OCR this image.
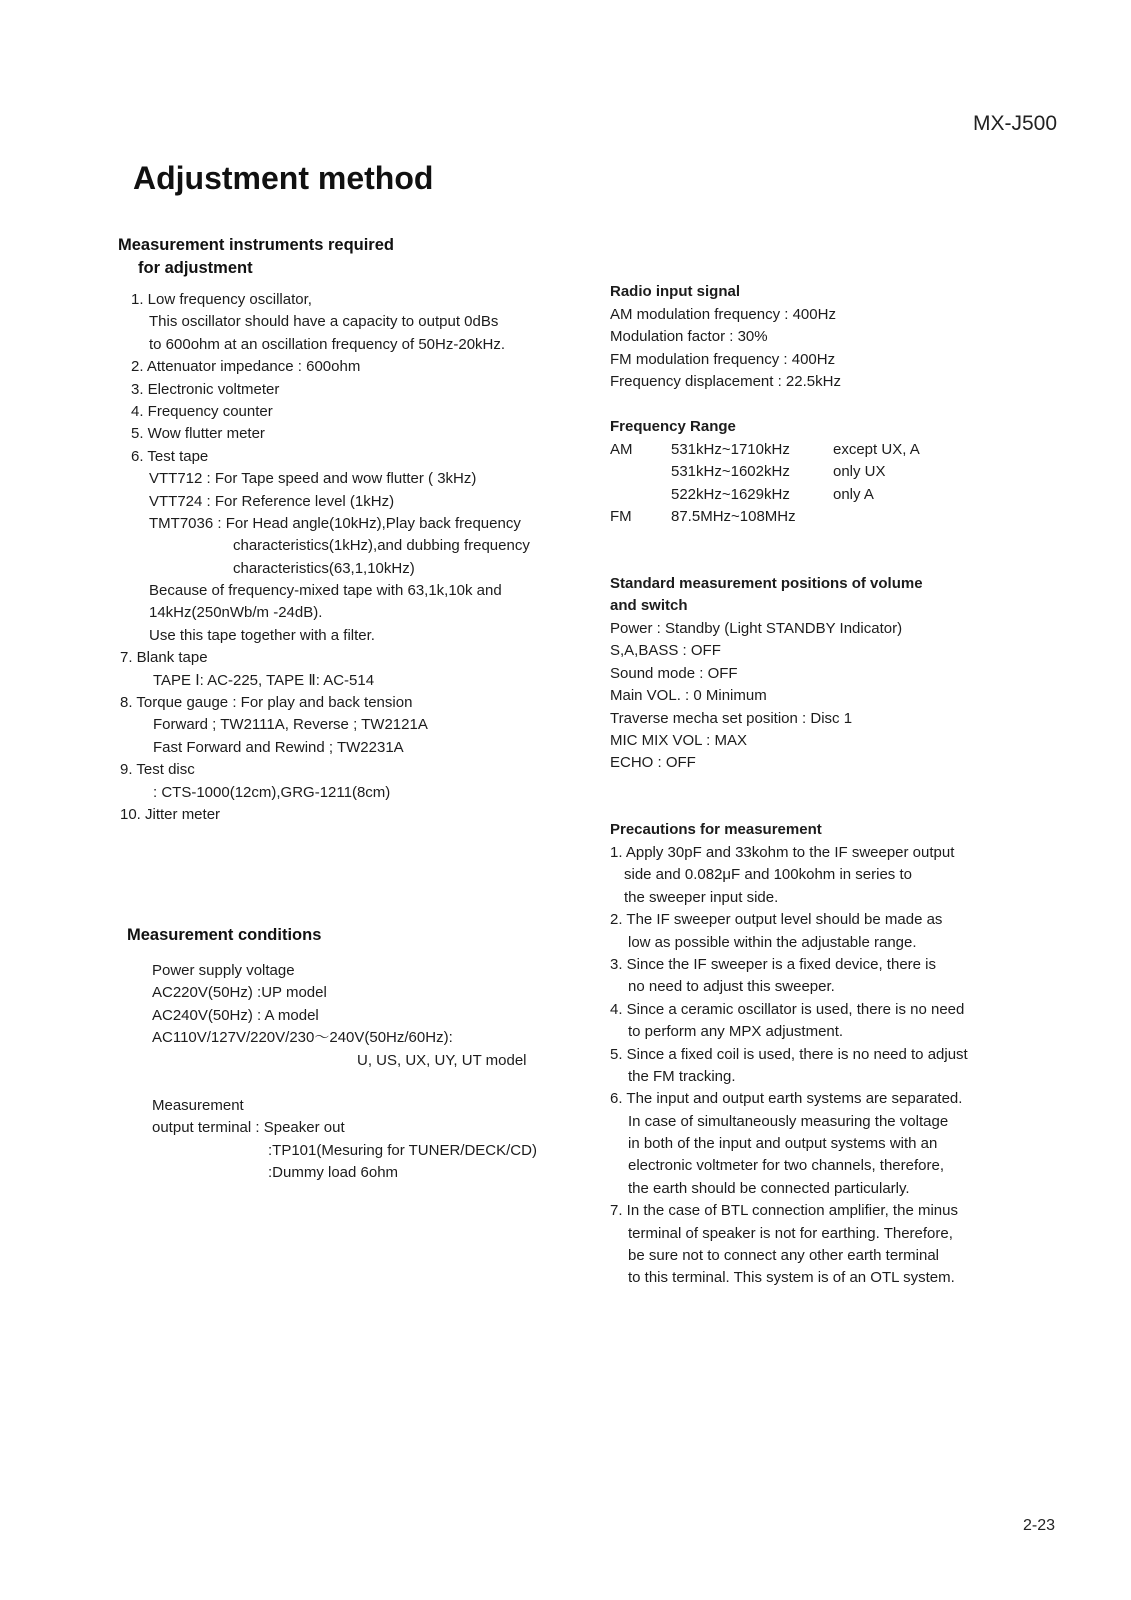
MX-J500
Adjustment method
Measurement instruments required
for adjustment
1. Low frequency oscillator,
This oscillator should have a capacity to output 0dBs
to 600ohm at an oscillation frequency of 50Hz-20kHz.
2. Attenuator impedance : 600ohm
3. Electronic voltmeter
4. Frequency counter
5. Wow flutter meter
6. Test tape
VTT712 : For Tape speed and wow flutter ( 3kHz)
VTT724 : For Reference level (1kHz)
TMT7036 : For Head angle(10kHz),Play back frequency
characteristics(1kHz),and dubbing frequency
characteristics(63,1,10kHz)
Because of frequency-mixed tape with 63,1k,10k and
14kHz(250nWb/m -24dB).
Use this tape together with a filter.
7. Blank tape
TAPE Ⅰ: AC-225, TAPE Ⅱ: AC-514
8. Torque gauge : For play and back tension
Forward ; TW2111A, Reverse ; TW2121A
Fast Forward and Rewind ; TW2231A
9. Test disc
: CTS-1000(12cm),GRG-1211(8cm)
10. Jitter meter
Measurement conditions
Power supply voltage
AC220V(50Hz) :UP model
AC240V(50Hz) : A model
AC110V/127V/220V/230～240V(50Hz/60Hz):
U, US, UX, UY, UT model
Measurement
output terminal : Speaker out
:TP101(Mesuring for TUNER/DECK/CD)
:Dummy load 6ohm
Radio input signal
AM modulation frequency : 400Hz
Modulation factor : 30%
FM modulation frequency : 400Hz
Frequency displacement : 22.5kHz
Frequency Range
AM	531kHz~1710kHz	except UX, A
531kHz~1602kHz	only UX
522kHz~1629kHz	only A
FM	87.5MHz~108MHz
Standard measurement positions of volume
and switch
Power : Standby (Light STANDBY Indicator)
S,A,BASS : OFF
Sound mode : OFF
Main VOL. : 0 Minimum
Traverse mecha set position : Disc 1
MIC MIX VOL : MAX
ECHO : OFF
Precautions for measurement
1. Apply 30pF and 33kohm to the IF sweeper output
side and 0.082μF and 100kohm in series to
the sweeper input side.
2. The IF sweeper output level should be made as
low as possible within the adjustable range.
3. Since the IF sweeper is a fixed device, there is
no need to adjust this sweeper.
4. Since a ceramic oscillator is used, there is no need
to perform any MPX adjustment.
5. Since a fixed coil is used, there is no need to adjust
the FM tracking.
6. The input and output earth systems are separated.
In case of simultaneously measuring the voltage
in both of the input and output systems with an
electronic voltmeter for two channels, therefore,
the earth should be connected particularly.
7. In the case of BTL connection amplifier, the minus
terminal of speaker is not for earthing. Therefore,
be sure not to connect any other earth terminal
to this terminal. This system is of an OTL system.
2-23
